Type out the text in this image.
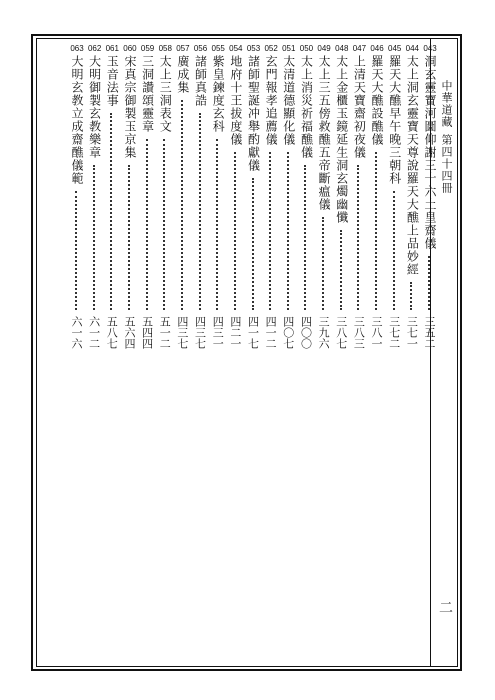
中華道藏
第四十四冊
二
043
洞玄靈寶河圖仰謝三十六土皇齋儀
三五二
044
太上洞玄靈寶天尊說羅天大醮上品妙經
三七一
045
羅天大醮早午晚三朝科
三七二
046
羅天大醮設醮儀
三八一
047
上清天寶齋初夜儀
三八三
048
太上金櫃玉鏡延生洞玄燭幽懺
三八七
049
太上三五傍救醮五帝斷瘟儀
三九六
050
太上消災祈福醮儀
四〇〇
051
太清道德顯化儀
四〇七
052
玄門報孝追薦儀
四一二
053
諸師聖誕冲舉酌獻儀
四一七
054
地府十王拔度儀
四二一
055
紫皇鍊度玄科
四三一
056
諸師真誥
四三七
057
廣成集
四三七
058
太上三洞表文
五一二
059
三洞讚頌靈章
五四四
060
宋真宗御製玉京集
五六四
061
玉音法事
五八七
062
大明御製玄教樂章
六一二
063
大明玄教立成齋醮儀範
六一六
